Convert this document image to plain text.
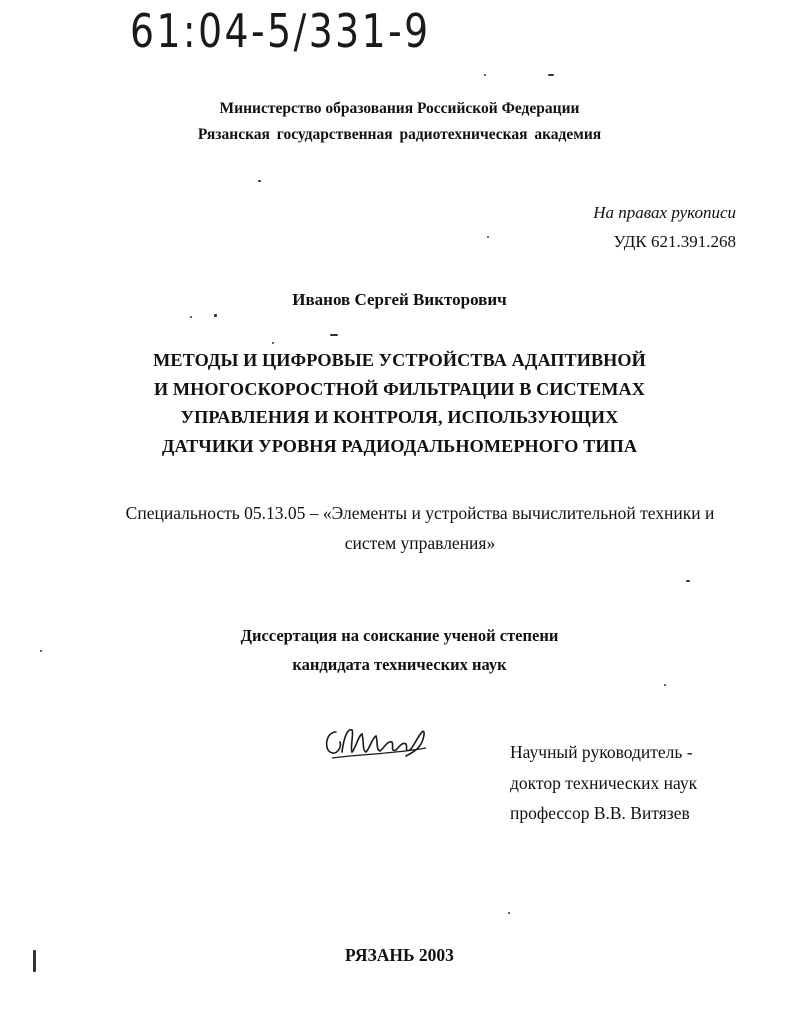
61:04-5/331-9
Министерство образования Российской Федерации
Рязанская государственная радиотехническая академия
На правах рукописи
УДК 621.391.268
Иванов Сергей Викторович
МЕТОДЫ И ЦИФРОВЫЕ УСТРОЙСТВА АДАПТИВНОЙ
И МНОГОСКОРОСТНОЙ ФИЛЬТРАЦИИ В СИСТЕМАХ
УПРАВЛЕНИЯ И КОНТРОЛЯ, ИСПОЛЬЗУЮЩИХ
ДАТЧИКИ УРОВНЯ РАДИОДАЛЬНОМЕРНОГО ТИПА
Специальность 05.13.05 – «Элементы и устройства вычислительной техники и
систем управления»
Диссертация на соискание ученой степени
кандидата технических наук
Научный руководитель -
доктор технических наук
профессор В.В. Витязев
РЯЗАНЬ 2003
